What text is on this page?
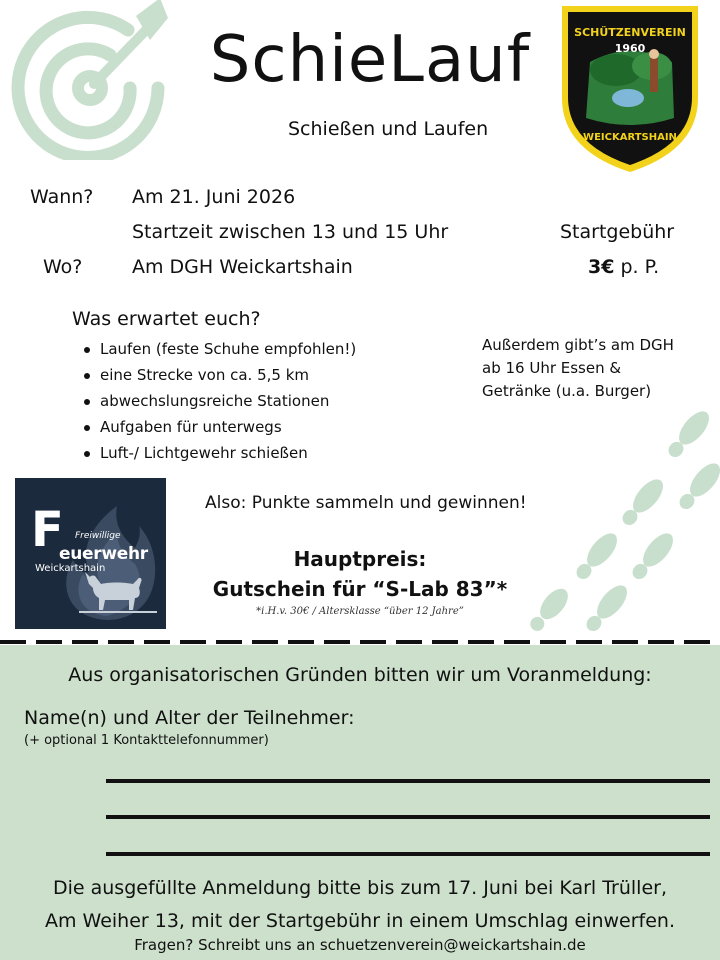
SchieLauf
Schießen und Laufen
SCHÜTZENVEREIN
1960
WEICKARTSHAIN
Wann? Am 21. Juni 2026
Startzeit zwischen 13 und 15 Uhr
Wo?	Am DGH Weickartshain
Startgebühr
3€ p. P.
Was erwartet euch?
Laufen (feste Schuhe empfohlen!)
eine Strecke von ca. 5,5 km
abwechslungsreiche Stationen
Aufgaben für unterwegs
Luft-/ Lichtgewehr schießen
Außerdem gibt’s am DGH
ab 16 Uhr Essen &
Getränke (u.a. Burger)
F Freiwillige
euerwehr
Weickartshain
Also: Punkte sammeln und gewinnen!
Hauptpreis:
Gutschein für “S-Lab 83”*
*i.H.v. 30€ / Altersklasse “über 12 Jahre”
Aus organisatorischen Gründen bitten wir um Voranmeldung:
Name(n) und Alter der Teilnehmer:
(+ optional 1 Kontakttelefonnummer)
Die ausgefüllte Anmeldung bitte bis zum 17. Juni bei Karl Trüller,
Am Weiher 13, mit der Startgebühr in einem Umschlag einwerfen.
Fragen? Schreibt uns an schuetzenverein@weickartshain.de
